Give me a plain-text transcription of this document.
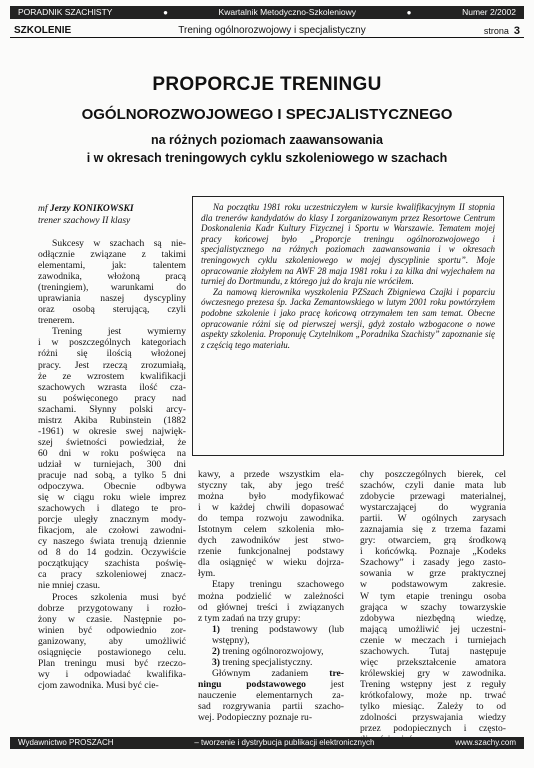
PORADNIK SZACHISTY	●	Kwartalnik Metodyczno-Szkoleniowy	●	Numer 2/2002
SZKOLENIE	Trening ogólnorozwojowy i specjalistyczny	strona 3
PROPORCJE TRENINGU
OGÓLNOROZWOJOWEGO I SPECJALISTYCZNEGO
na różnych poziomach zaawansowania
i w okresach treningowych cyklu szkoleniowego w szachach
mf Jerzy KONIKOWSKI
trener szachowy II klasy

Na początku 1981 roku uczestniczyłem w kursie kwalifikacyjnym II stopnia dla trenerów kandydatów do klasy I zorganizowanym przez Resortowe Centrum Doskonalenia Kadr Kultury Fizycznej i Sportu w Warszawie. Tematem mojej pracy końcowej było „Proporcje treningu ogólnorozwojowego i specjalistycznego na różnych poziomach zaawansowania i w okresach treningowych cyklu szkoleniowego w mojej dyscyplinie sportu”. Moje opracowanie złożyłem na AWF 28 maja 1981 roku i za kilka dni wyjechałem na turniej do Dortmundu, z którego już do kraju nie wróciłem.

Za namową kierownika wyszkolenia PZSzach Zbigniewa Czajki i poparciu ówczesnego prezesa śp. Jacka Zemantowskiego w lutym 2001 roku powtórzyłem podobne szkolenie i jako pracę końcową otrzymałem ten sam temat. Obecne opracowanie różni się od pierwszej wersji, gdyż zostało wzbogacone o nowe aspekty szkolenia. Proponuję Czytelnikom „Poradnika Szachisty” zapoznanie się z częścią tego materiału.

Sukcesy w szachach są nie-
odłącznie związane z takimi
elementami, jak: talentem
zawodnika, włożoną pracą
(treningiem), warunkami do
uprawiania naszej dyscypliny
oraz osobą sterującą, czyli
trenerem.
Trening jest wymierny
i w poszczególnych kategoriach
różni się ilością włożonej
pracy. Jest rzeczą zrozumiałą,
że ze wzrostem kwalifikacji
szachowych wzrasta ilość cza-
su poświęconego pracy nad
szachami. Słynny polski arcy-
mistrz Akiba Rubinstein (1882
-1961) w okresie swej najwięk-
szej świetności powiedział, że
60 dni w roku poświęca na
udział w turniejach, 300 dni
pracuje nad sobą, a tylko 5 dni
odpoczywa. Obecnie odbywa
się w ciągu roku wiele imprez
szachowych i dlatego te pro-
porcje uległy znacznym mody-
fikacjom, ale czołowi zawodni-
cy naszego świata trenują dziennie
od 8 do 14 godzin. Oczywiście
początkujący szachista poświę-
ca pracy szkoleniowej znacz-
nie mniej czasu.
Proces szkolenia musi być
dobrze przygotowany i rozło-
żony w czasie. Następnie po-
winien być odpowiednio zor-
ganizowany, aby umożliwić
osiągnięcie postawionego celu.
Plan treningu musi być rzeczo-
wy i odpowiadać kwalifika-
cjom zawodnika. Musi być cie-
kawy, a przede wszystkim ela-
styczny tak, aby jego treść
można było modyfikować
i w każdej chwili dopasować
do tempa rozwoju zawodnika.
Istotnym celem szkolenia mło-
dych zawodników jest stwo-
rzenie funkcjonalnej podstawy
dla osiągnięć w wieku dojrza-
łym.
Etapy treningu szachowego
można podzielić w zależności
od głównej treści i związanych
z tym zadań na trzy grupy:
1) trening podstawowy (lub wstępny),
2) trening ogólnorozwojowy,
3) trening specjalistyczny.
Głównym zadaniem tre-
ningu podstawowego jest
nauczenie elementarnych za-
sad rozgrywania partii szacho-
wej. Podopieczny poznaje ru-
chy poszczególnych bierek, cel
szachów, czyli danie mata lub
zdobycie przewagi materialnej,
wystarczającej do wygrania
partii. W ogólnych zarysach
zaznajamia się z trzema fazami
gry: otwarciem, grą środkową
i końcówką. Poznaje „Kodeks
Szachowy” i zasady jego zasto-
sowania w grze praktycznej
w podstawowym zakresie.
W tym etapie treningu osoba
grająca w szachy towarzyskie
zdobywa niezbędną wiedzę,
mającą umożliwić jej uczestni-
czenie w meczach i turniejach
szachowych. Tutaj następuje
więc przekształcenie amatora
królewskiej gry w zawodnika.
Trening wstępny jest z reguły
krótkofalowy, może np. trwać
tylko miesiąc. Zależy to od
zdolności przyswajania wiedzy
przez podopiecznych i często-
Wydawnictwo PROSZACH	– tworzenie i dystrybucja publikacji elektronicznych	www.szachy.com
